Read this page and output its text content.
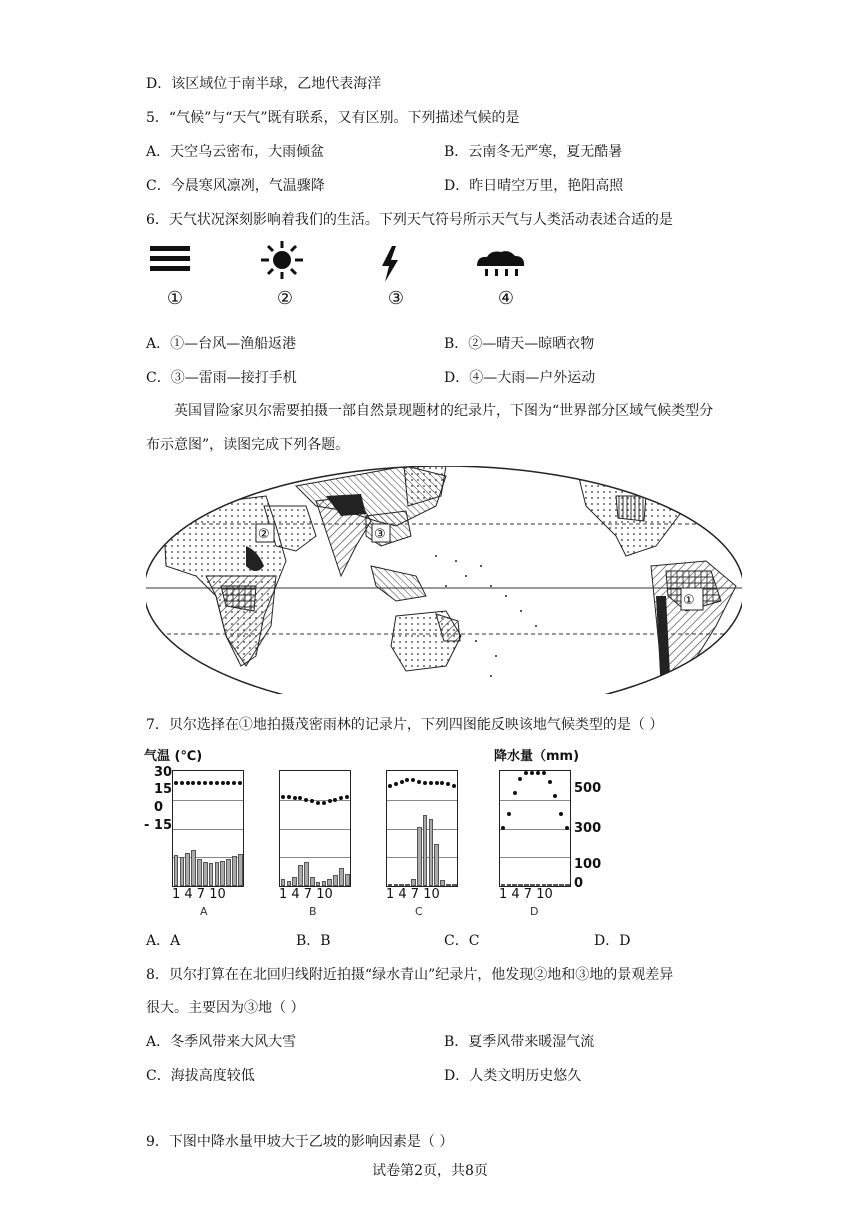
D．该区域位于南半球，乙地代表海洋
5．“气候”与“天气”既有联系，又有区别。下列描述气候的是
A．天空乌云密布，大雨倾盆	B．云南冬无严寒，夏无酷暑
C．今晨寒风凛冽，气温骤降	D．昨日晴空万里，艳阳高照
6．天气状况深刻影响着我们的生活。下列天气符号所示天气与人类活动表述合适的是
①	②	③	④
A．①—台风—渔船返港	B．②—晴天—晾晒衣物
C．③—雷雨—接打手机	D．④—大雨—户外运动

英国冒险家贝尔需要拍摄一部自然景现题材的纪录片，下图为“世界部分区域气候类型分布示意图”，读图完成下列各题。

①
②	③
7．贝尔选择在①地拍摄茂密雨林的记录片，下列四图能反映该地气候类型的是（ ）
气温 (℃)	降水量（mm)
30
15
0
- 15
500
300
100
0
1 4 7 10	1 4 7 10	1 4 7 10	1 4 7 10
A	B	C	D
A．A	B．B	C．C	D．D
8．贝尔打算在在北回归线附近拍摄“绿水青山”纪录片，他发现②地和③地的景观差异
很大。主要因为③地（ ）
A．冬季风带来大风大雪	B．夏季风带来暖湿气流
C．海拔高度较低	D．人类文明历史悠久
9．下图中降水量甲坡大于乙坡的影响因素是（ ）
试卷第2页，共8页
